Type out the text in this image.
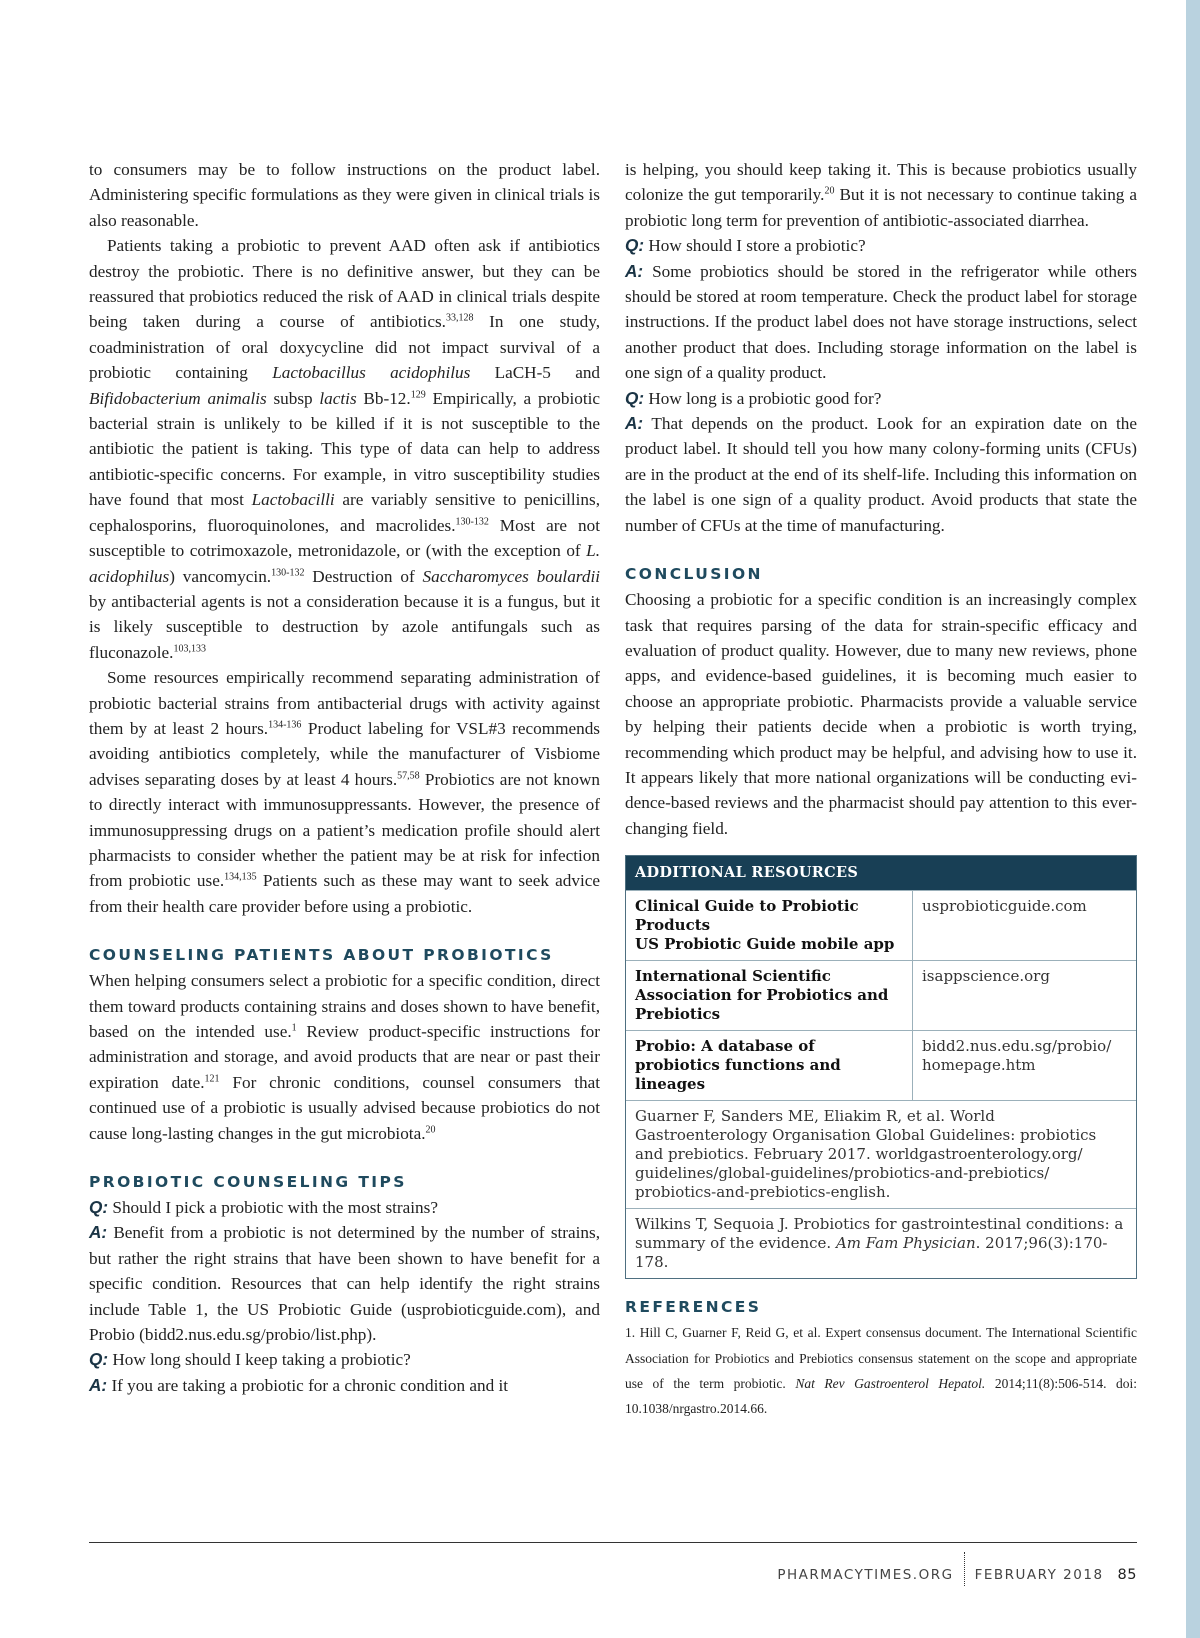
to consumers may be to follow instructions on the product label. Administering specific formulations as they were given in clinical trials is also reasonable.

Patients taking a probiotic to prevent AAD often ask if antibiotics destroy the probiotic. There is no definitive answer, but they can be reassured that probiotics reduced the risk of AAD in clinical trials despite being taken during a course of antibiotics.$^{33,128}$ In one study, coadministration of oral doxycycline did not impact survival of a probiotic containing Lactobacillus acidophilus LaCH-5 and Bifidobacterium animalis subsp lactis Bb-12.$^{129}$ Empirically, a probiotic bacterial strain is unlikely to be killed if it is not susceptible to the antibiotic the patient is taking. This type of data can help to address antibiotic-specific concerns. For example, in vitro susceptibility studies have found that most Lactobacilli are variably sensitive to penicillins, cephalosporins, fluoroquinolones, and macrolides.$^{130-132}$ Most are not susceptible to cotrimoxazole, metronidazole, or (with the exception of L. acidophilus) vancomycin.$^{130-132}$ Destruction of Saccharomyces boulardii by antibacterial agents is not a consideration because it is a fungus, but it is likely susceptible to destruction by azole antifungals such as fluconazole.$^{103,133}$

Some resources empirically recommend separating administration of probiotic bacterial strains from antibacterial drugs with activity against them by at least 2 hours.$^{134-136}$ Product labeling for VSL#3 recommends avoiding antibiotics completely, while the manufacturer of Visbiome advises separating doses by at least 4 hours.$^{57,58}$ Probiotics are not known to directly interact with immunosuppressants. However, the presence of immunosuppressing drugs on a patient’s medication profile should alert pharmacists to consider whether the patient may be at risk for infection from probiotic use.$^{134,135}$ Patients such as these may want to seek advice from their health care provider before using a probiotic.

COUNSELING PATIENTS ABOUT PROBIOTICS

When helping consumers select a probiotic for a specific condition, direct them toward products containing strains and doses shown to have benefit, based on the intended use.$^1$ Review product-specific instructions for administration and storage, and avoid products that are near or past their expiration date.$^{121}$ For chronic conditions, counsel consumers that continued use of a probiotic is usually advised because probiotics do not cause long-lasting changes in the gut microbiota.$^{20}$

PROBIOTIC COUNSELING TIPS

Q: Should I pick a probiotic with the most strains?

A: Benefit from a probiotic is not determined by the number of strains, but rather the right strains that have been shown to have benefit for a specific condition. Resources that can help identify the right strains include Table 1, the US Probiotic Guide (usprobioticguide.com), and Probio (bidd2.nus.edu.sg/probio/list.php).

Q: How long should I keep taking a probiotic?

A: If you are taking a probiotic for a chronic condition and it

is helping, you should keep taking it. This is because probiotics usually colonize the gut temporarily.$^{20}$ But it is not necessary to continue taking a probiotic long term for prevention of antibiotic-associated diarrhea.

Q: How should I store a probiotic?

A: Some probiotics should be stored in the refrigerator while others should be stored at room temperature. Check the product label for storage instructions. If the product label does not have storage instructions, select another product that does. Including storage information on the label is one sign of a quality product.

Q: How long is a probiotic good for?

A: That depends on the product. Look for an expiration date on the product label. It should tell you how many colony-forming units (CFUs) are in the product at the end of its shelf-life. Including this information on the label is one sign of a quality product. Avoid products that state the number of CFUs at the time of manufacturing.

CONCLUSION

Choosing a probiotic for a specific condition is an increasingly complex task that requires parsing of the data for strain-specific efficacy and evaluation of product quality. However, due to many new reviews, phone apps, and evidence-based guidelines, it is becoming much easier to choose an appropriate probiotic. Pharmacists provide a valuable service by helping their patients decide when a probiotic is worth trying, recommending which product may be helpful, and advising how to use it. It appears likely that more national organizations will be conducting evidence-based reviews and the pharmacist should pay attention to this ever-changing field.

ADDITIONAL RESOURCES
Clinical Guide to Probiotic Products
US Probiotic Guide mobile app
usprobioticguide.com
International Scientific Association for Probiotics and Prebiotics
isappscience.org
Probio: A database of probiotics functions and lineages
bidd2.nus.edu.sg/probio/
homepage.htm
Guarner F, Sanders ME, Eliakim R, et al. World Gastroenterology Organisation Global Guidelines: probiotics and prebiotics. February 2017. worldgastroenterology.org/
guidelines/global-guidelines/probiotics-and-prebiotics/
probiotics-and-prebiotics-english.
Wilkins T, Sequoia J. Probiotics for gastrointestinal conditions: a summary of the evidence. Am Fam Physician. 2017;96(3):170-178.

REFERENCES

1. Hill C, Guarner F, Reid G, et al. Expert consensus document. The International Scientific Association for Probiotics and Prebiotics consensus statement on the scope and appropriate use of the term probiotic. Nat Rev Gastroenterol Hepatol. 2014;11(8):506-514. doi: 10.1038/nrgastro.2014.66.

PHARMACYTIMES.ORG FEBRUARY 2018 85
